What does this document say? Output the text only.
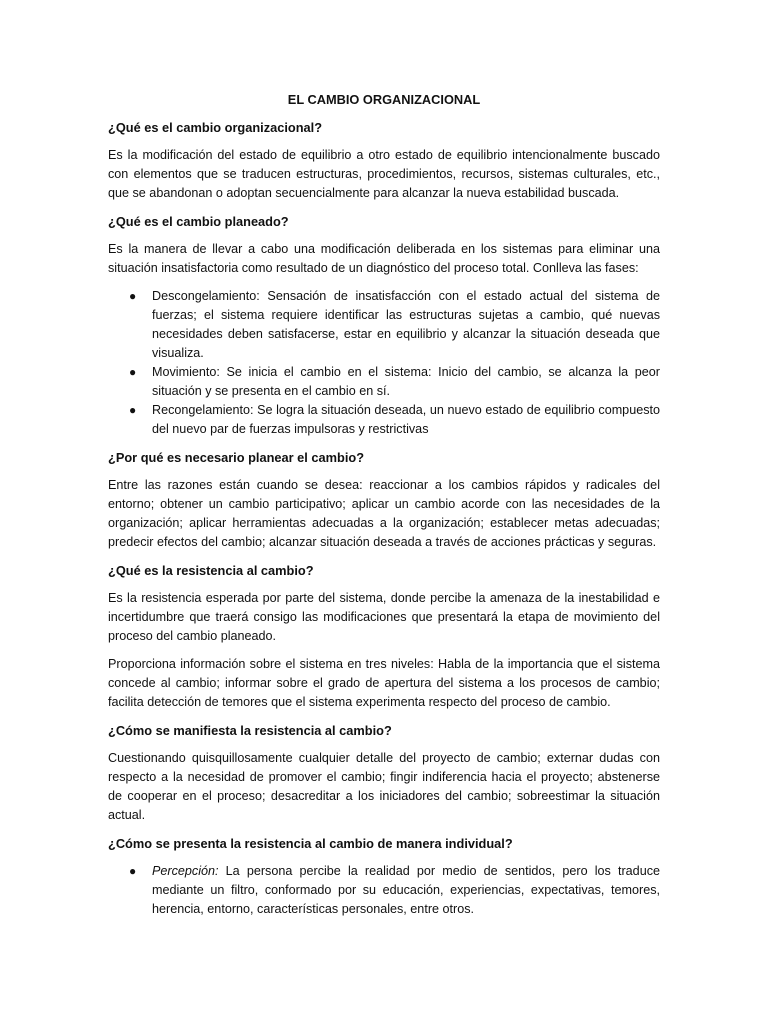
EL CAMBIO ORGANIZACIONAL
¿Qué es el cambio organizacional?
Es la modificación del estado de equilibrio a otro estado de equilibrio intencionalmente buscado con elementos que se traducen estructuras, procedimientos, recursos, sistemas culturales, etc., que se abandonan o adoptan secuencialmente para alcanzar la nueva estabilidad buscada.
¿Qué es el cambio planeado?
Es la manera de llevar a cabo una modificación deliberada en los sistemas para eliminar una situación insatisfactoria como resultado de un diagnóstico del proceso total. Conlleva las fases:
● Descongelamiento: Sensación de insatisfacción con el estado actual del sistema de fuerzas; el sistema requiere identificar las estructuras sujetas a cambio, qué nuevas necesidades deben satisfacerse, estar en equilibrio y alcanzar la situación deseada que visualiza.
● Movimiento: Se inicia el cambio en el sistema: Inicio del cambio, se alcanza la peor situación y se presenta en el cambio en sí.
● Recongelamiento: Se logra la situación deseada, un nuevo estado de equilibrio compuesto del nuevo par de fuerzas impulsoras y restrictivas
¿Por qué es necesario planear el cambio?
Entre las razones están cuando se desea: reaccionar a los cambios rápidos y radicales del entorno; obtener un cambio participativo; aplicar un cambio acorde con las necesidades de la organización; aplicar herramientas adecuadas a la organización; establecer metas adecuadas; predecir efectos del cambio; alcanzar situación deseada a través de acciones prácticas y seguras.
¿Qué es la resistencia al cambio?
Es la resistencia esperada por parte del sistema, donde percibe la amenaza de la inestabilidad e incertidumbre que traerá consigo las modificaciones que presentará la etapa de movimiento del proceso del cambio planeado.
Proporciona información sobre el sistema en tres niveles: Habla de la importancia que el sistema concede al cambio; informar sobre el grado de apertura del sistema a los procesos de cambio; facilita detección de temores que el sistema experimenta respecto del proceso de cambio.
¿Cómo se manifiesta la resistencia al cambio?
Cuestionando quisquillosamente cualquier detalle del proyecto de cambio; externar dudas con respecto a la necesidad de promover el cambio; fingir indiferencia hacia el proyecto; abstenerse de cooperar en el proceso; desacreditar a los iniciadores del cambio; sobreestimar la situación actual.
¿Cómo se presenta la resistencia al cambio de manera individual?
● Percepción: La persona percibe la realidad por medio de sentidos, pero los traduce mediante un filtro, conformado por su educación, experiencias, expectativas, temores, herencia, entorno, características personales, entre otros.
